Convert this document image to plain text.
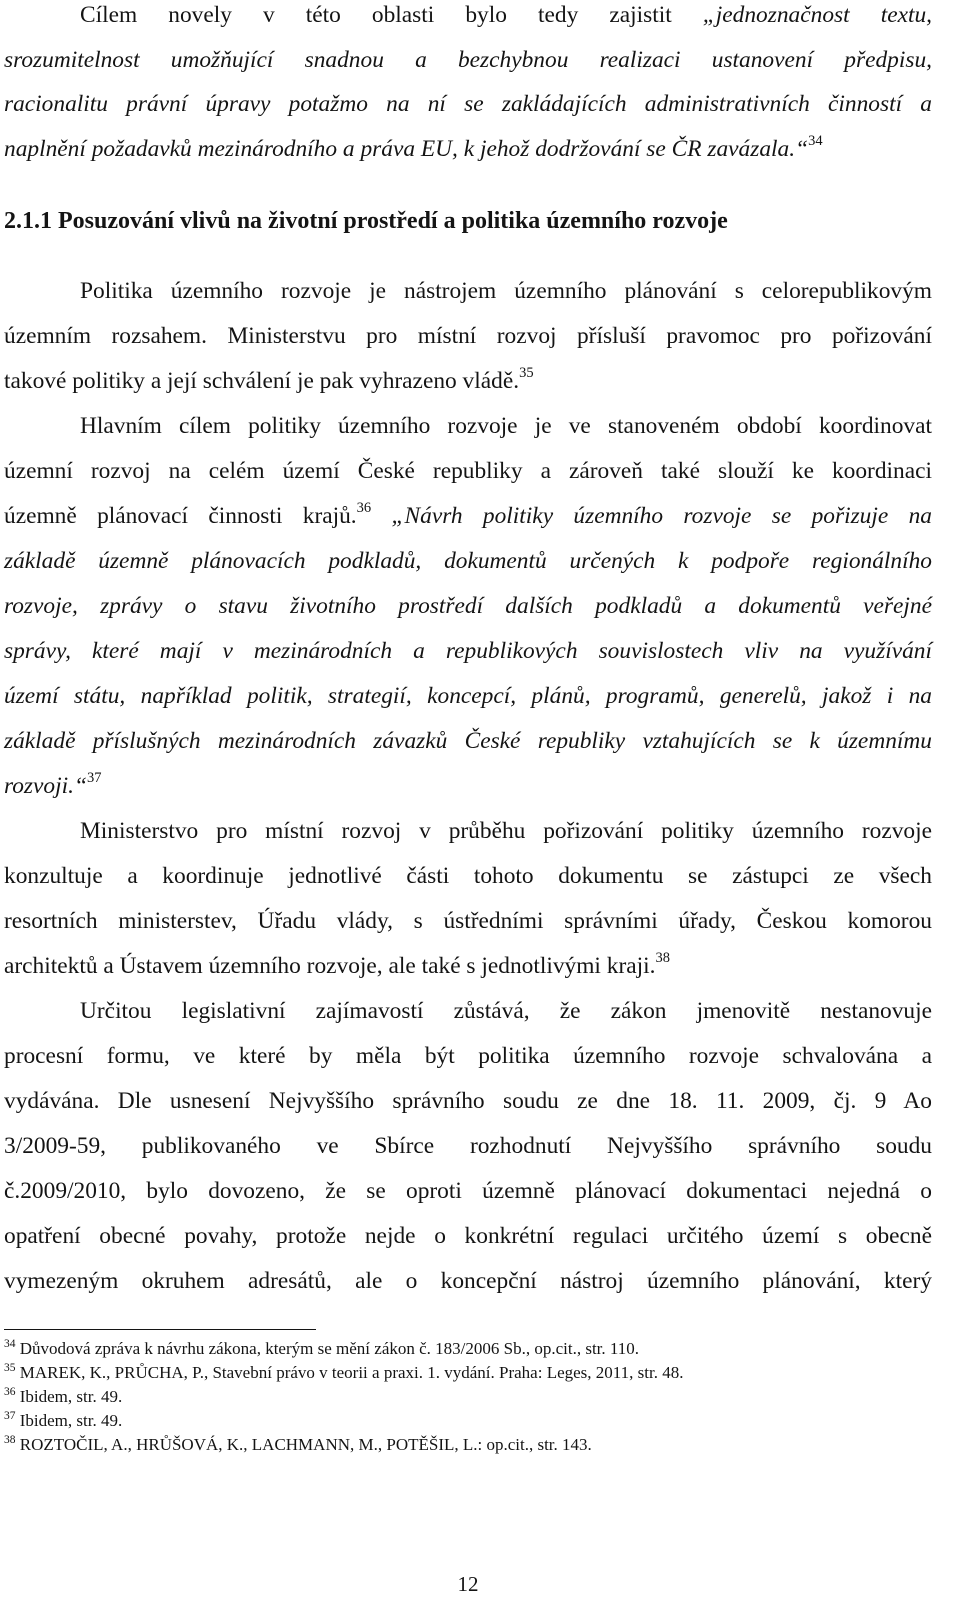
Cílem novely v této oblasti bylo tedy zajistit „jednoznačnost textu,
srozumitelnost umožňující snadnou a bezchybnou realizaci ustanovení předpisu,
racionalitu právní úpravy potažmo na ní se zakládajících administrativních činností a
naplnění požadavků mezinárodního a práva EU, k jehož dodržování se ČR zavázala.“$^{34}$
2.1.1 Posuzování vlivů na životní prostředí a politika územního rozvoje
Politika územního rozvoje je nástrojem územního plánování s celorepublikovým
územním rozsahem. Ministerstvu pro místní rozvoj přísluší pravomoc pro pořizování
takové politiky a její schválení je pak vyhrazeno vládě.$^{35}$
Hlavním cílem politiky územního rozvoje je ve stanoveném období koordinovat
územní rozvoj na celém území České republiky a zároveň také slouží ke koordinaci
územně plánovací činnosti krajů.$^{36}$ „Návrh politiky územního rozvoje se pořizuje na
základě územně plánovacích podkladů, dokumentů určených k podpoře regionálního
rozvoje, zprávy o stavu životního prostředí dalších podkladů a dokumentů veřejné
správy, které mají v mezinárodních a republikových souvislostech vliv na využívání
území státu, například politik, strategií, koncepcí, plánů, programů, generelů, jakož i na
základě příslušných mezinárodních závazků České republiky vztahujících se k územnímu
rozvoji.“$^{37}$
Ministerstvo pro místní rozvoj v průběhu pořizování politiky územního rozvoje
konzultuje a koordinuje jednotlivé části tohoto dokumentu se zástupci ze všech
resortních ministerstev, Úřadu vlády, s ústředními správními úřady, Českou komorou
architektů a Ústavem územního rozvoje, ale také s jednotlivými kraji.$^{38}$
Určitou legislativní zajímavostí zůstává, že zákon jmenovitě nestanovuje
procesní formu, ve které by měla být politika územního rozvoje schvalována a
vydávána. Dle usnesení Nejvyššího správního soudu ze dne 18. 11. 2009, čj. 9 Ao
3/2009-59, publikovaného ve Sbírce rozhodnutí Nejvyššího správního soudu
č.2009/2010, bylo dovozeno, že se oproti územně plánovací dokumentaci nejedná o
opatření obecné povahy, protože nejde o konkrétní regulaci určitého území s obecně
vymezeným okruhem adresátů, ale o koncepční nástroj územního plánování, který
$^{34}$ Důvodová zpráva k návrhu zákona, kterým se mění zákon č. 183/2006 Sb., op.cit., str. 110.
$^{35}$ MAREK, K., PRŮCHA, P., Stavební právo v teorii a praxi. 1. vydání. Praha: Leges, 2011, str. 48.
$^{36}$ Ibidem, str. 49.
$^{37}$ Ibidem, str. 49.
$^{38}$ ROZTOČIL, A., HRŮŠOVÁ, K., LACHMANN, M., POTĚŠIL, L.: op.cit., str. 143.
12
